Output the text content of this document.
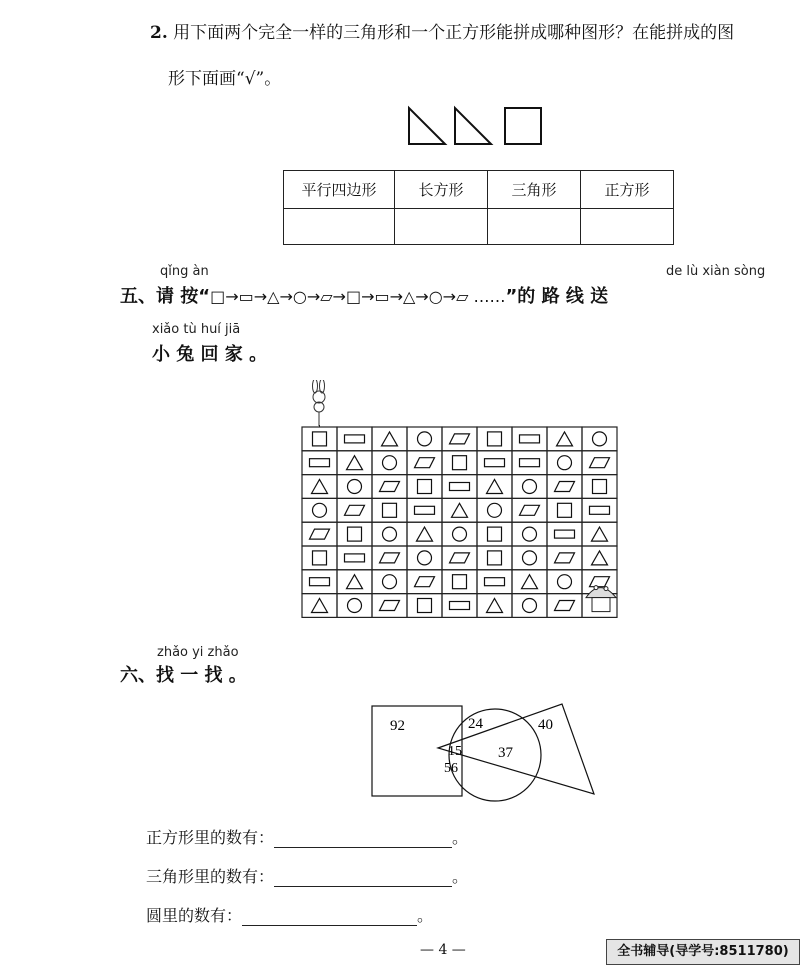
2. 用下面两个完全一样的三角形和一个正方形能拼成哪种图形？在能拼成的图
形下面画“√”。
平行四边形	长方形	三角形	正方形

qǐng àn	de lù xiàn sòng
五、请 按“□→▭→△→○→▱→□→▭→△→○→▱ ……”的 路 线 送
xiǎo tù huí jiā
小 兔 回 家 。
zhǎo yi zhǎo
六、找 一 找 。
92	24	40
15 37
56
正方形里的数有：	。
三角形里的数有：	。
圆里的数有：	。
— 4 —	全书辅导(导学号:8511780)
